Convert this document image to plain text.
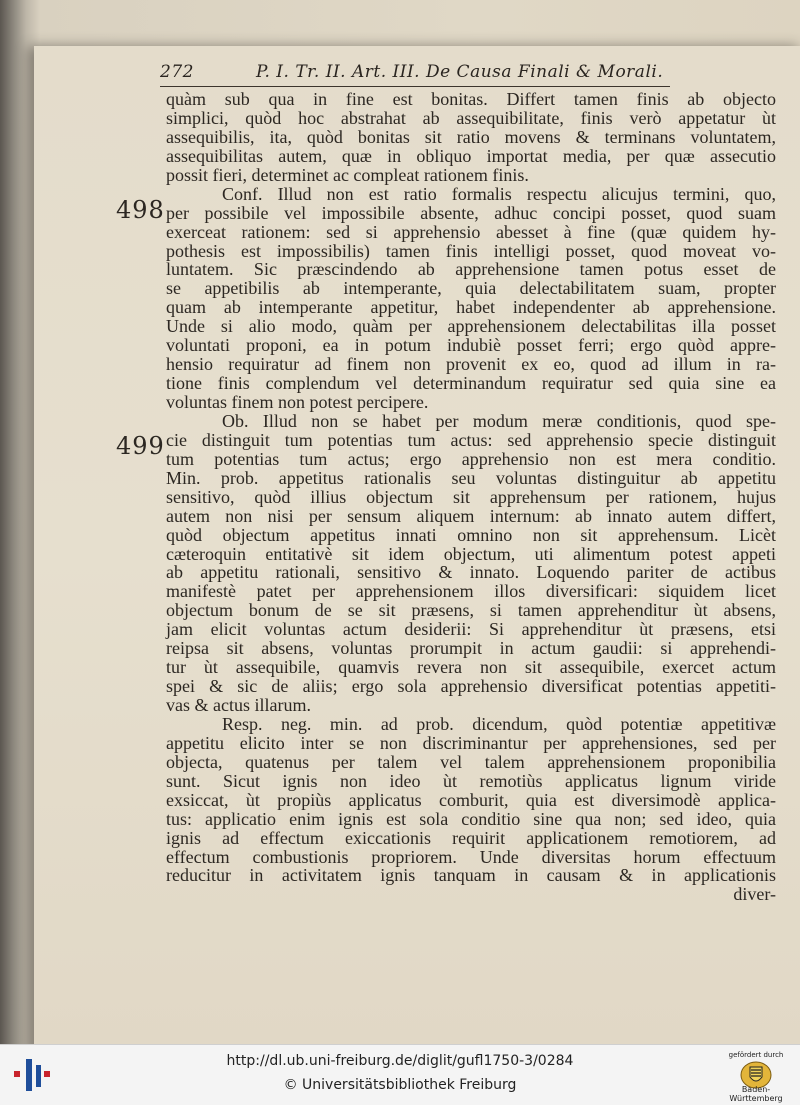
272	P. I. Tr. II. Art. III. De Causa Finali & Morali.
498
499
quàm sub qua in fine est bonitas. Differt tamen finis ab objecto
simplici, quòd hoc abstrahat ab assequibilitate, finis verò appetatur ùt
assequibilis, ita, quòd bonitas sit ratio movens & terminans voluntatem,
assequibilitas autem, quæ in obliquo importat media, per quæ assecutio
possit fieri, determinet ac compleat rationem finis.
Conf. Illud non est ratio formalis respectu alicujus termini, quo,
per possibile vel impossibile absente, adhuc concipi posset, quod suam
exerceat rationem: sed si apprehensio abesset à fine (quæ quidem hy-
pothesis est impossibilis) tamen finis intelligi posset, quod moveat vo-
luntatem. Sic præscindendo ab apprehensione tamen potus esset de
se appetibilis ab intemperante, quia delectabilitatem suam, propter
quam ab intemperante appetitur, habet independenter ab apprehensione.
Unde si alio modo, quàm per apprehensionem delectabilitas illa posset
voluntati proponi, ea in potum indubiè posset ferri; ergo quòd appre-
hensio requiratur ad finem non provenit ex eo, quod ad illum in ra-
tione finis complendum vel determinandum requiratur sed quia sine ea
voluntas finem non potest percipere.
Ob. Illud non se habet per modum meræ conditionis, quod spe-
cie distinguit tum potentias tum actus: sed apprehensio specie distinguit
tum potentias tum actus; ergo apprehensio non est mera conditio.
Min. prob. appetitus rationalis seu voluntas distinguitur ab appetitu
sensitivo, quòd illius objectum sit apprehensum per rationem, hujus
autem non nisi per sensum aliquem internum: ab innato autem differt,
quòd objectum appetitus innati omnino non sit apprehensum. Licèt
cæteroquin entitativè sit idem objectum, uti alimentum potest appeti
ab appetitu rationali, sensitivo & innato. Loquendo pariter de actibus
manifestè patet per apprehensionem illos diversificari: siquidem licet
objectum bonum de se sit præsens, si tamen apprehenditur ùt absens,
jam elicit voluntas actum desiderii: Si apprehenditur ùt præsens, etsi
reipsa sit absens, voluntas prorumpit in actum gaudii: si apprehendi-
tur ùt assequibile, quamvis revera non sit assequibile, exercet actum
spei & sic de aliis; ergo sola apprehensio diversificat potentias appetiti-
vas & actus illarum.
Resp. neg. min. ad prob. dicendum, quòd potentiæ appetitivæ
appetitu elicito inter se non discriminantur per apprehensiones, sed per
objecta, quatenus per talem vel talem apprehensionem proponibilia
sunt. Sicut ignis non ideo ùt remotiùs applicatus lignum viride
exsiccat, ùt propiùs applicatus comburit, quia est diversimodè applica-
tus: applicatio enim ignis est sola conditio sine qua non; sed ideo, quia
ignis ad effectum exiccationis requirit applicationem remotiorem, ad
effectum combustionis propriorem. Unde diversitas horum effectuum
reducitur in activitatem ignis tanquam in causam & in applicationis
diver-
http://dl.ub.uni-freiburg.de/diglit/gufl1750-3/0284
© Universitätsbibliothek Freiburg
gefördert durch
Baden-Württemberg
